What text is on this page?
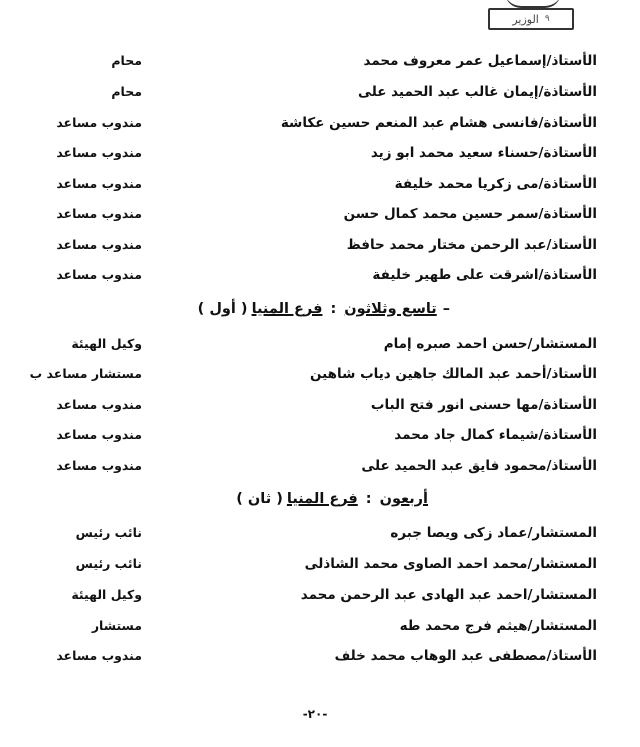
٩
الوزير
الأستاذ/إسماعيل عمر معروف محمد
محام
الأستاذة/إيمان غالب عبد الحميد على
محام
الأستاذة/فانسى هشام عبد المنعم حسين عكاشة
مندوب مساعد
الأستاذة/حسناء سعيد محمد ابو زيد
مندوب مساعد
الأستاذة/مى زكريا محمد خليفة
مندوب مساعد
الأستاذة/سمر حسين محمد كمال حسن
مندوب مساعد
الأستاذ/عبد الرحمن مختار محمد حافظ
مندوب مساعد
الأستاذة/اشرقت على طهير خليفة
مندوب مساعد
–تاسع وثلاثون:فرع المنيا( أول )
المستشار/حسن احمد صبره إمام
وكيل الهيئة
الأستاذ/أحمد عبد المالك جاهين دياب شاهين
مستشار مساعد ب
الأستاذة/مها حسنى انور فتح الباب
مندوب مساعد
الأستاذة/شيماء كمال جاد محمد
مندوب مساعد
الأستاذ/محمود فايق عبد الحميد على
مندوب مساعد
أربعون:فرع المنيا( ثان )
المستشار/عماد زكى ويصا جبره
نائب رئيس
المستشار/محمد احمد الصاوى محمد الشاذلى
نائب رئيس
المستشار/احمد عبد الهادى عبد الرحمن محمد
وكيل الهيئة
المستشار/هيثم فرج محمد طه
مستشار
الأستاذ/مصطفى عبد الوهاب محمد خلف
مندوب مساعد
-٢٠-
